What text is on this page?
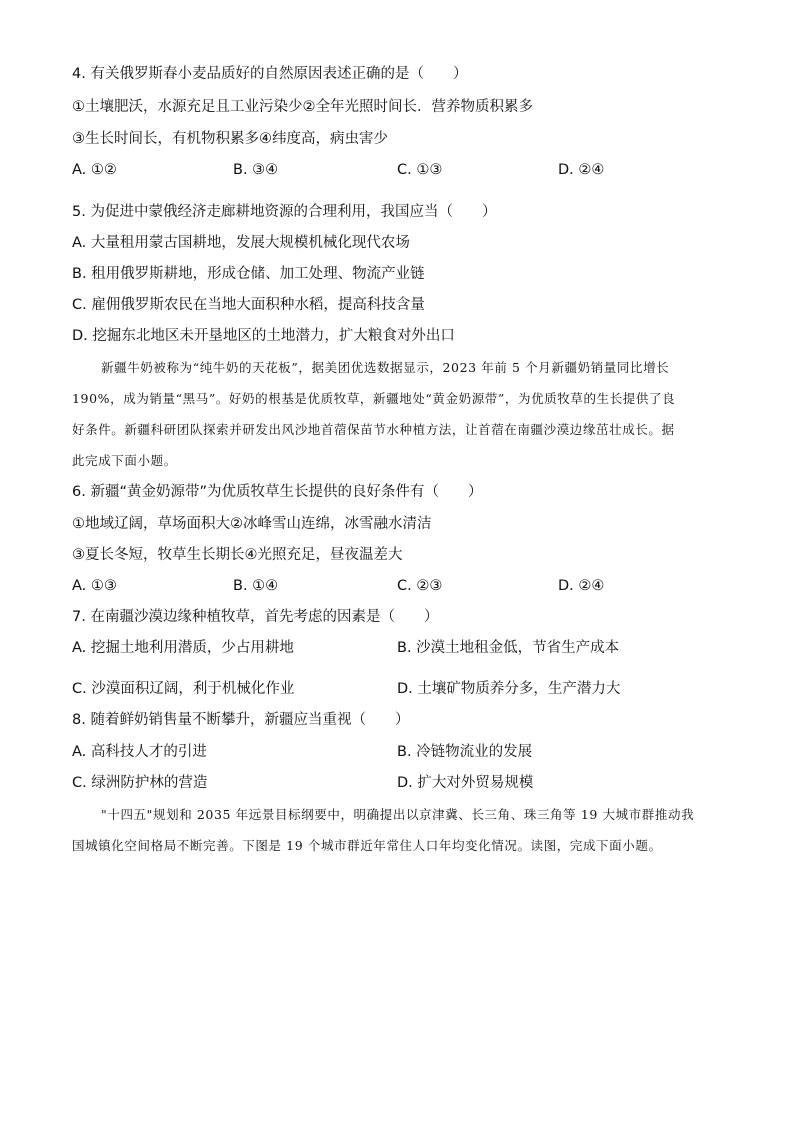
4. 有关俄罗斯春小麦品质好的自然原因表述正确的是（　　）
①土壤肥沃，水源充足且工业污染少②全年光照时间长．营养物质积累多
③生长时间长，有机物积累多④纬度高，病虫害少
A. ①②	B. ③④	C. ①③	D. ②④
5. 为促进中蒙俄经济走廊耕地资源的合理利用，我国应当（　　）
A. 大量租用蒙古国耕地，发展大规模机械化现代农场
B. 租用俄罗斯耕地，形成仓储、加工处理、物流产业链
C. 雇佣俄罗斯农民在当地大面积种水稻，提高科技含量
D. 挖掘东北地区未开垦地区的土地潜力，扩大粮食对外出口
新疆牛奶被称为“纯牛奶的天花板”，据美团优选数据显示，2023 年前 5 个月新疆奶销量同比增长
190%，成为销量“黑马”。好奶的根基是优质牧草，新疆地处“黄金奶源带”，为优质牧草的生长提供了良
好条件。新疆科研团队探索并研发出风沙地首蓿保苗节水种植方法，让首蓿在南疆沙漠边缘茁壮成长。据
此完成下面小题。
6. 新疆“黄金奶源带”为优质牧草生长提供的良好条件有（　　）
①地域辽阔，草场面积大②冰峰雪山连绵，冰雪融水清洁
③夏长冬短，牧草生长期长④光照充足，昼夜温差大
A. ①③	B. ①④	C. ②③	D. ②④
7. 在南疆沙漠边缘种植牧草，首先考虑的因素是（　　）
A. 挖掘土地利用潜质，少占用耕地	B. 沙漠土地租金低，节省生产成本
C. 沙漠面积辽阔，利于机械化作业	D. 土壤矿物质养分多，生产潜力大
8. 随着鲜奶销售量不断攀升，新疆应当重视（　　）
A. 高科技人才的引进	B. 冷链物流业的发展
C. 绿洲防护林的营造	D. 扩大对外贸易规模
"十四五"规划和 2035 年远景目标纲要中，明确提出以京津冀、长三角、珠三角等 19 大城市群推动我
国城镇化空间格局不断完善。下图是 19 个城市群近年常住人口年均变化情况。读图，完成下面小题。
